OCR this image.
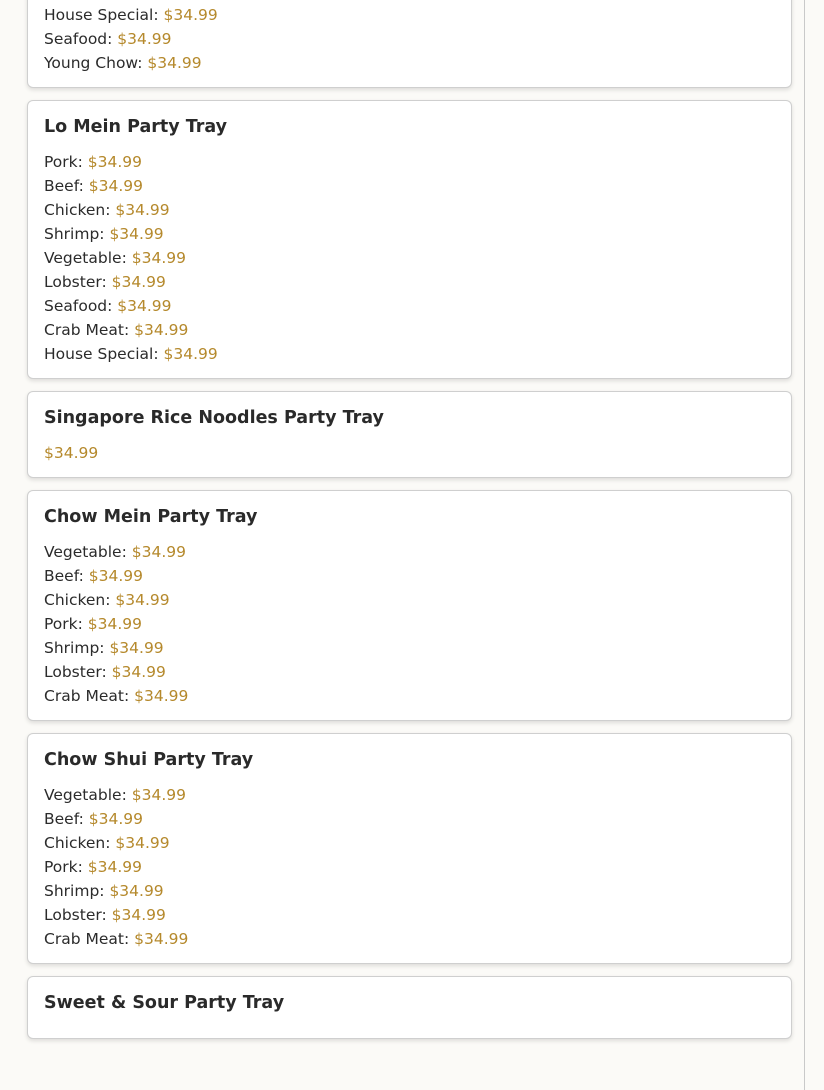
House Special: $34.99
Seafood: $34.99
Young Chow: $34.99
Lo Mein Party Tray
Pork: $34.99
Beef: $34.99
Chicken: $34.99
Shrimp: $34.99
Vegetable: $34.99
Lobster: $34.99
Seafood: $34.99
Crab Meat: $34.99
House Special: $34.99
Singapore Rice Noodles Party Tray
$34.99
Chow Mein Party Tray
Vegetable: $34.99
Beef: $34.99
Chicken: $34.99
Pork: $34.99
Shrimp: $34.99
Lobster: $34.99
Crab Meat: $34.99
Chow Shui Party Tray
Vegetable: $34.99
Beef: $34.99
Chicken: $34.99
Pork: $34.99
Shrimp: $34.99
Lobster: $34.99
Crab Meat: $34.99
Sweet & Sour Party Tray
